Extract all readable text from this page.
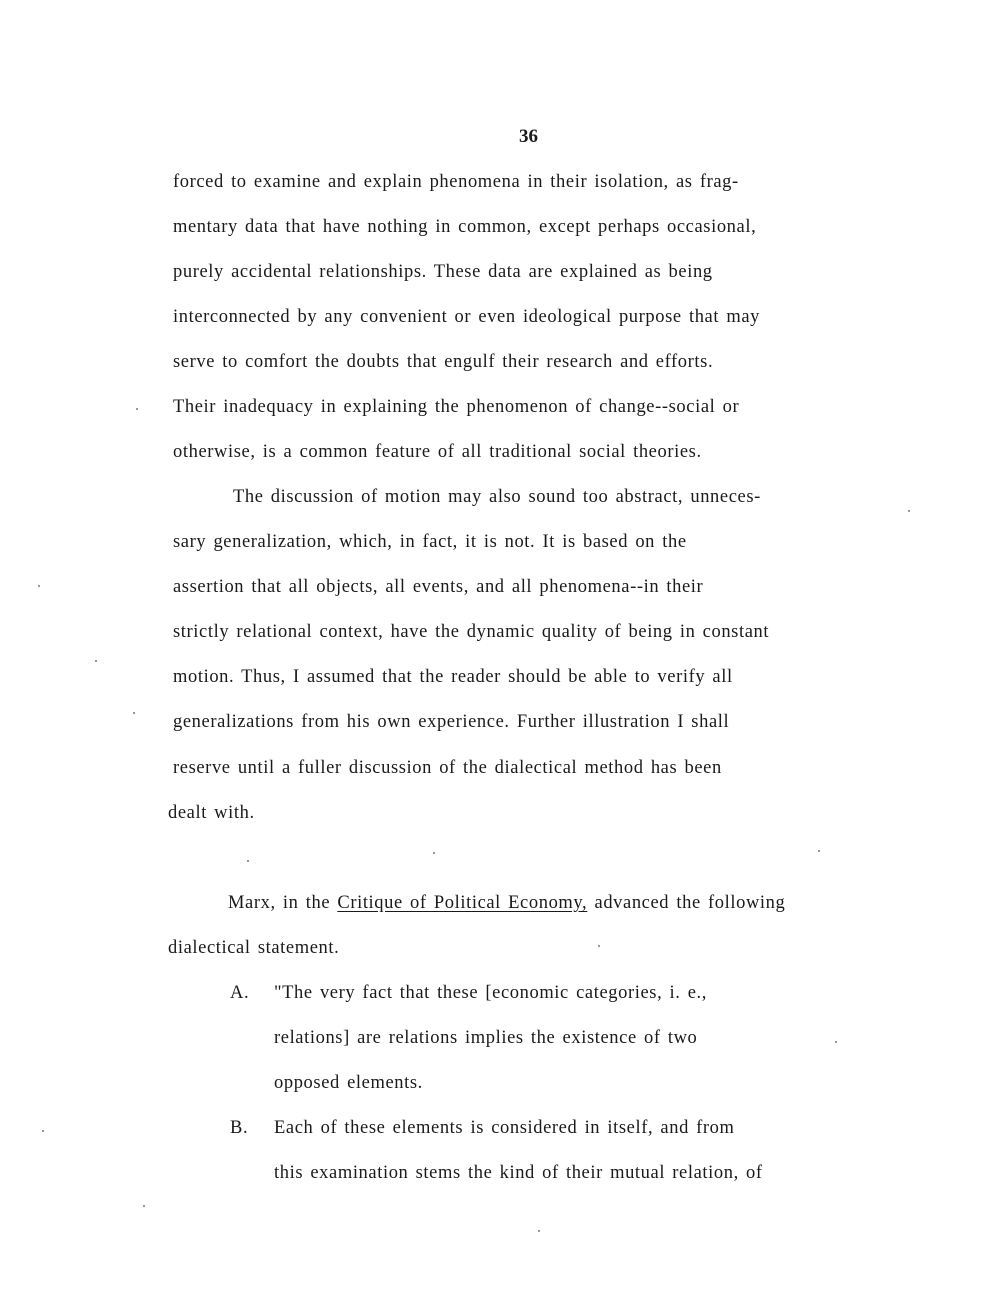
36
forced to examine and explain phenomena in their isolation, as frag-
mentary data that have nothing in common, except perhaps occasional,
purely accidental relationships. These data are explained as being
interconnected by any convenient or even ideological purpose that may
serve to comfort the doubts that engulf their research and efforts.
Their inadequacy in explaining the phenomenon of change--social or
otherwise, is a common feature of all traditional social theories.
The discussion of motion may also sound too abstract, unneces-
sary generalization, which, in fact, it is not. It is based on the
assertion that all objects, all events, and all phenomena--in their
strictly relational context, have the dynamic quality of being in constant
motion. Thus, I assumed that the reader should be able to verify all
generalizations from his own experience. Further illustration I shall
reserve until a fuller discussion of the dialectical method has been
dealt with.
Marx, in the Critique of Political Economy, advanced the following
dialectical statement.
A. "The very fact that these [economic categories, i. e.,
relations] are relations implies the existence of two
opposed elements.
B. Each of these elements is considered in itself, and from
this examination stems the kind of their mutual relation, of
